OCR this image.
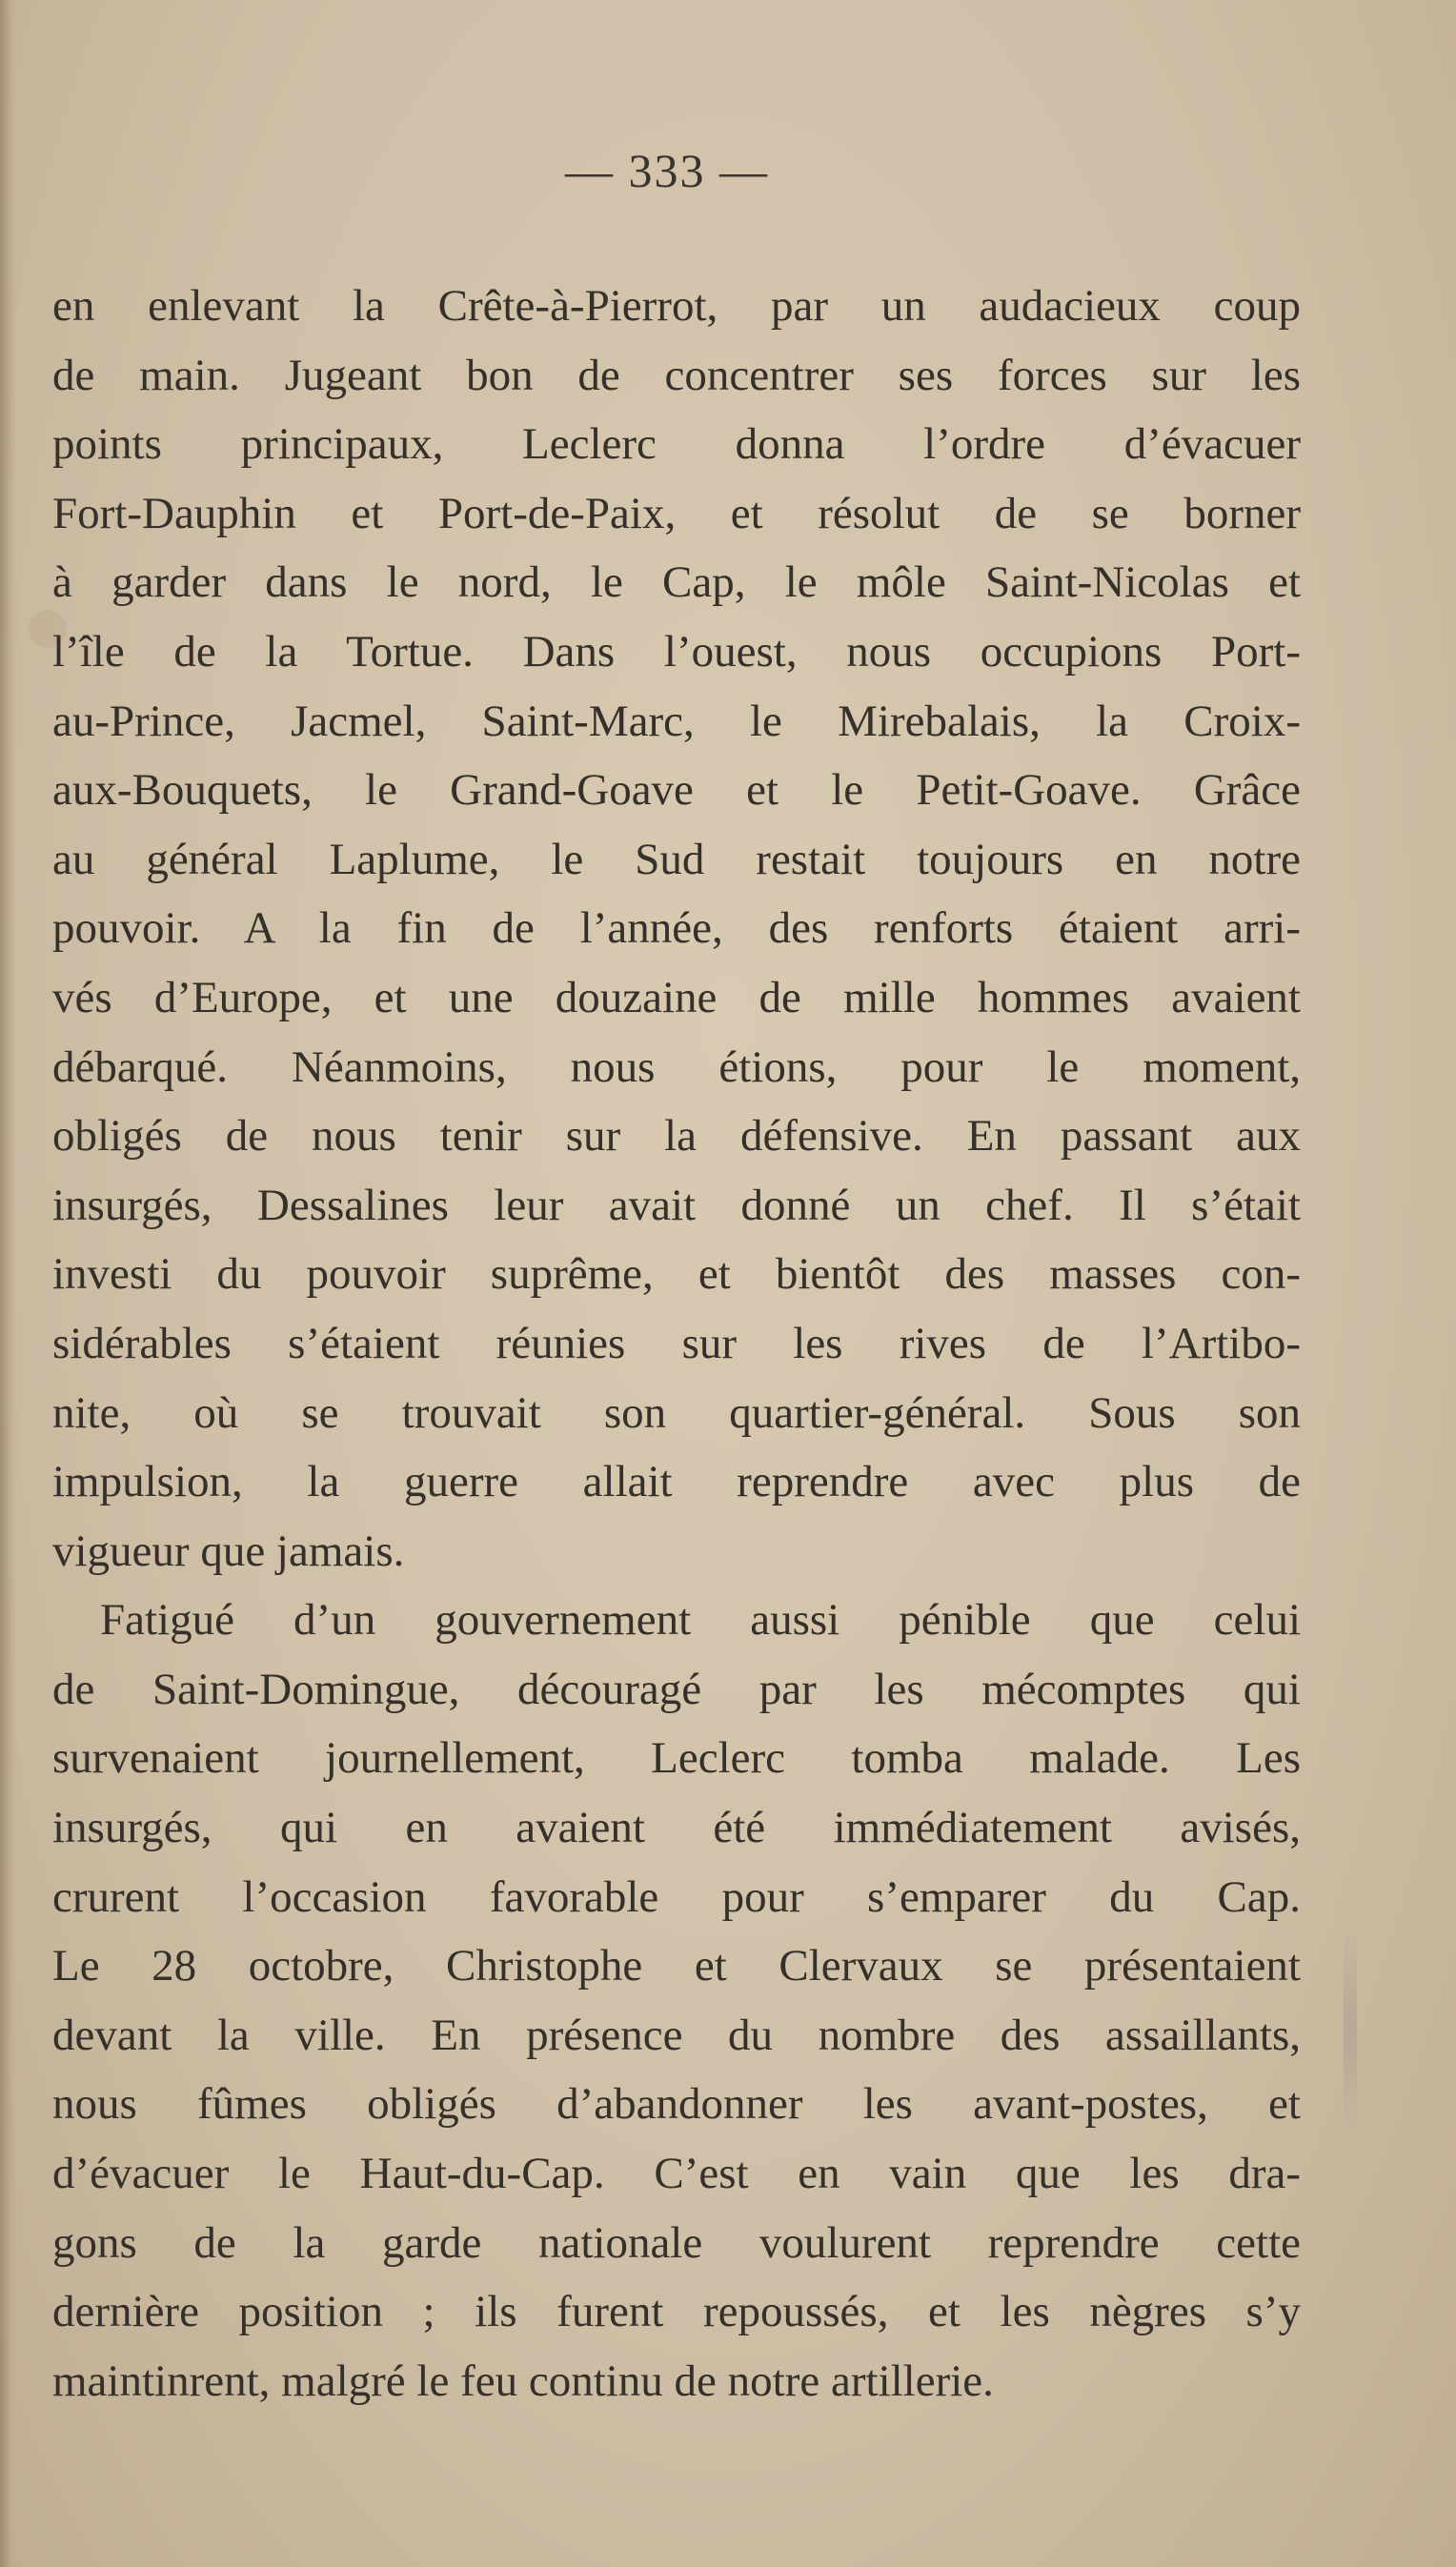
— 333 —

en enlevant la Crête-à-Pierrot, par un audacieux coup

de main. Jugeant bon de concentrer ses forces sur les

points principaux, Leclerc donna l’ordre d’évacuer

Fort-Dauphin et Port-de-Paix, et résolut de se borner

à garder dans le nord, le Cap, le môle Saint-Nicolas et

l’île de la Tortue. Dans l’ouest, nous occupions Port-

au-Prince, Jacmel, Saint-Marc, le Mirebalais, la Croix-

aux-Bouquets, le Grand-Goave et le Petit-Goave. Grâce

au général Laplume, le Sud restait toujours en notre

pouvoir. A la fin de l’année, des renforts étaient arri-

vés d’Europe, et une douzaine de mille hommes avaient

débarqué. Néanmoins, nous étions, pour le moment,

obligés de nous tenir sur la défensive. En passant aux

insurgés, Dessalines leur avait donné un chef. Il s’était

investi du pouvoir suprême, et bientôt des masses con-

sidérables s’étaient réunies sur les rives de l’Artibo-

nite, où se trouvait son quartier-général. Sous son

impulsion, la guerre allait reprendre avec plus de

vigueur que jamais.

Fatigué d’un gouvernement aussi pénible que celui

de Saint-Domingue, découragé par les mécomptes qui

survenaient journellement, Leclerc tomba malade. Les

insurgés, qui en avaient été immédiatement avisés,

crurent l’occasion favorable pour s’emparer du Cap.

Le 28 octobre, Christophe et Clervaux se présentaient

devant la ville. En présence du nombre des assaillants,

nous fûmes obligés d’abandonner les avant-postes, et

d’évacuer le Haut-du-Cap. C’est en vain que les dra-

gons de la garde nationale voulurent reprendre cette

dernière position ; ils furent repoussés, et les nègres s’y

maintinrent, malgré le feu continu de notre artillerie.
